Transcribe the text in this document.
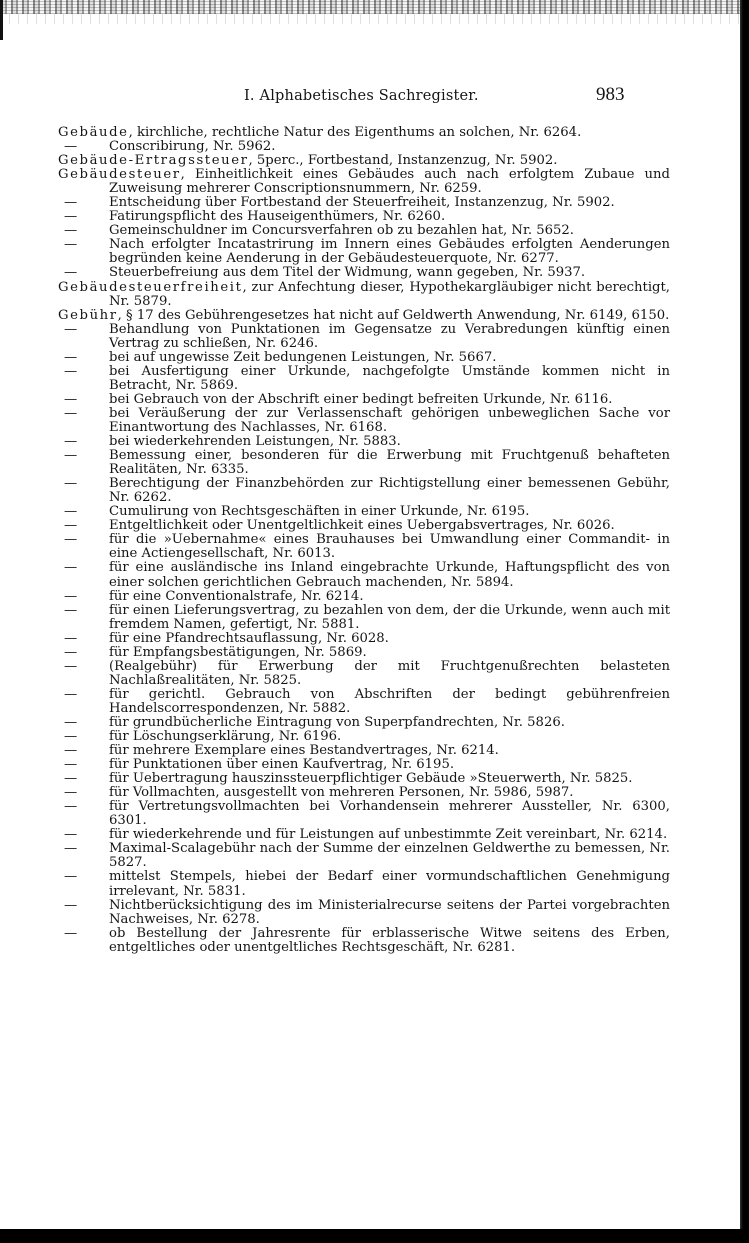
I. Alphabetisches Sachregister.	983

Gebäude, kirchliche, rechtliche Natur des Eigenthums an solchen, Nr. 6264.

—	Conscribirung, Nr. 5962.

Gebäude-Ertragssteuer, 5perc., Fortbestand, Instanzenzug, Nr. 5902.

Gebäudesteuer, Einheitlichkeit eines Gebäudes auch nach erfolgtem Zubaue und Zuweisung mehrerer Conscriptionsnummern, Nr. 6259.

—	Entscheidung über Fortbestand der Steuerfreiheit, Instanzenzug, Nr. 5902.

—	Fatirungspflicht des Hauseigenthümers, Nr. 6260.

—	Gemeinschuldner im Concursverfahren ob zu bezahlen hat, Nr. 5652.

—	Nach erfolgter Incatastrirung im Innern eines Gebäudes erfolgten Aenderungen begründen keine Aenderung in der Gebäudesteuerquote, Nr. 6277.

—	Steuerbefreiung aus dem Titel der Widmung, wann gegeben, Nr. 5937.

Gebäudesteuerfreiheit, zur Anfechtung dieser, Hypothekargläubiger nicht berechtigt, Nr. 5879.

Gebühr, § 17 des Gebührengesetzes hat nicht auf Geldwerth Anwendung, Nr. 6149, 6150.

—	Behandlung von Punktationen im Gegensatze zu Verabredungen künftig einen Vertrag zu schließen, Nr. 6246.

—	bei auf ungewisse Zeit bedungenen Leistungen, Nr. 5667.

—	bei Ausfertigung einer Urkunde, nachgefolgte Umstände kommen nicht in Betracht, Nr. 5869.

—	bei Gebrauch von der Abschrift einer bedingt befreiten Urkunde, Nr. 6116.

—	bei Veräußerung der zur Verlassenschaft gehörigen unbeweglichen Sache vor Einantwortung des Nachlasses, Nr. 6168.

—	bei wiederkehrenden Leistungen, Nr. 5883.

—	Bemessung einer, besonderen für die Erwerbung mit Fruchtgenuß behafteten Realitäten, Nr. 6335.

—	Berechtigung der Finanzbehörden zur Richtigstellung einer bemessenen Gebühr, Nr. 6262.

—	Cumulirung von Rechtsgeschäften in einer Urkunde, Nr. 6195.

—	Entgeltlichkeit oder Unentgeltlichkeit eines Uebergabsvertrages, Nr. 6026.

—	für die »Uebernahme« eines Brauhauses bei Umwandlung einer Commandit- in eine Actiengesellschaft, Nr. 6013.

—	für eine ausländische ins Inland eingebrachte Urkunde, Haftungspflicht des von einer solchen gerichtlichen Gebrauch machenden, Nr. 5894.

—	für eine Conventionalstrafe, Nr. 6214.

—	für einen Lieferungsvertrag, zu bezahlen von dem, der die Urkunde, wenn auch mit fremdem Namen, gefertigt, Nr. 5881.

—	für eine Pfandrechtsauflassung, Nr. 6028.

—	für Empfangsbestätigungen, Nr. 5869.

—	(Realgebühr) für Erwerbung der mit Fruchtgenußrechten belasteten Nachlaßrealitäten, Nr. 5825.

—	für gerichtl. Gebrauch von Abschriften der bedingt gebührenfreien Handelscorrespondenzen, Nr. 5882.

—	für grundbücherliche Eintragung von Superpfandrechten, Nr. 5826.

—	für Löschungserklärung, Nr. 6196.

—	für mehrere Exemplare eines Bestandvertrages, Nr. 6214.

—	für Punktationen über einen Kaufvertrag, Nr. 6195.

—	für Uebertragung hauszinssteuerpflichtiger Gebäude »Steuerwerth, Nr. 5825.

—	für Vollmachten, ausgestellt von mehreren Personen, Nr. 5986, 5987.

—	für Vertretungsvollmachten bei Vorhandensein mehrerer Aussteller, Nr. 6300, 6301.

—	für wiederkehrende und für Leistungen auf unbestimmte Zeit vereinbart, Nr. 6214.

—	Maximal-Scalagebühr nach der Summe der einzelnen Geldwerthe zu bemessen, Nr. 5827.

—	mittelst Stempels, hiebei der Bedarf einer vormundschaftlichen Genehmigung irrelevant, Nr. 5831.

—	Nichtberücksichtigung des im Ministerialrecurse seitens der Partei vorgebrachten Nachweises, Nr. 6278.

—	ob Bestellung der Jahresrente für erblasserische Witwe seitens des Erben, entgeltliches oder unentgeltliches Rechtsgeschäft, Nr. 6281.
